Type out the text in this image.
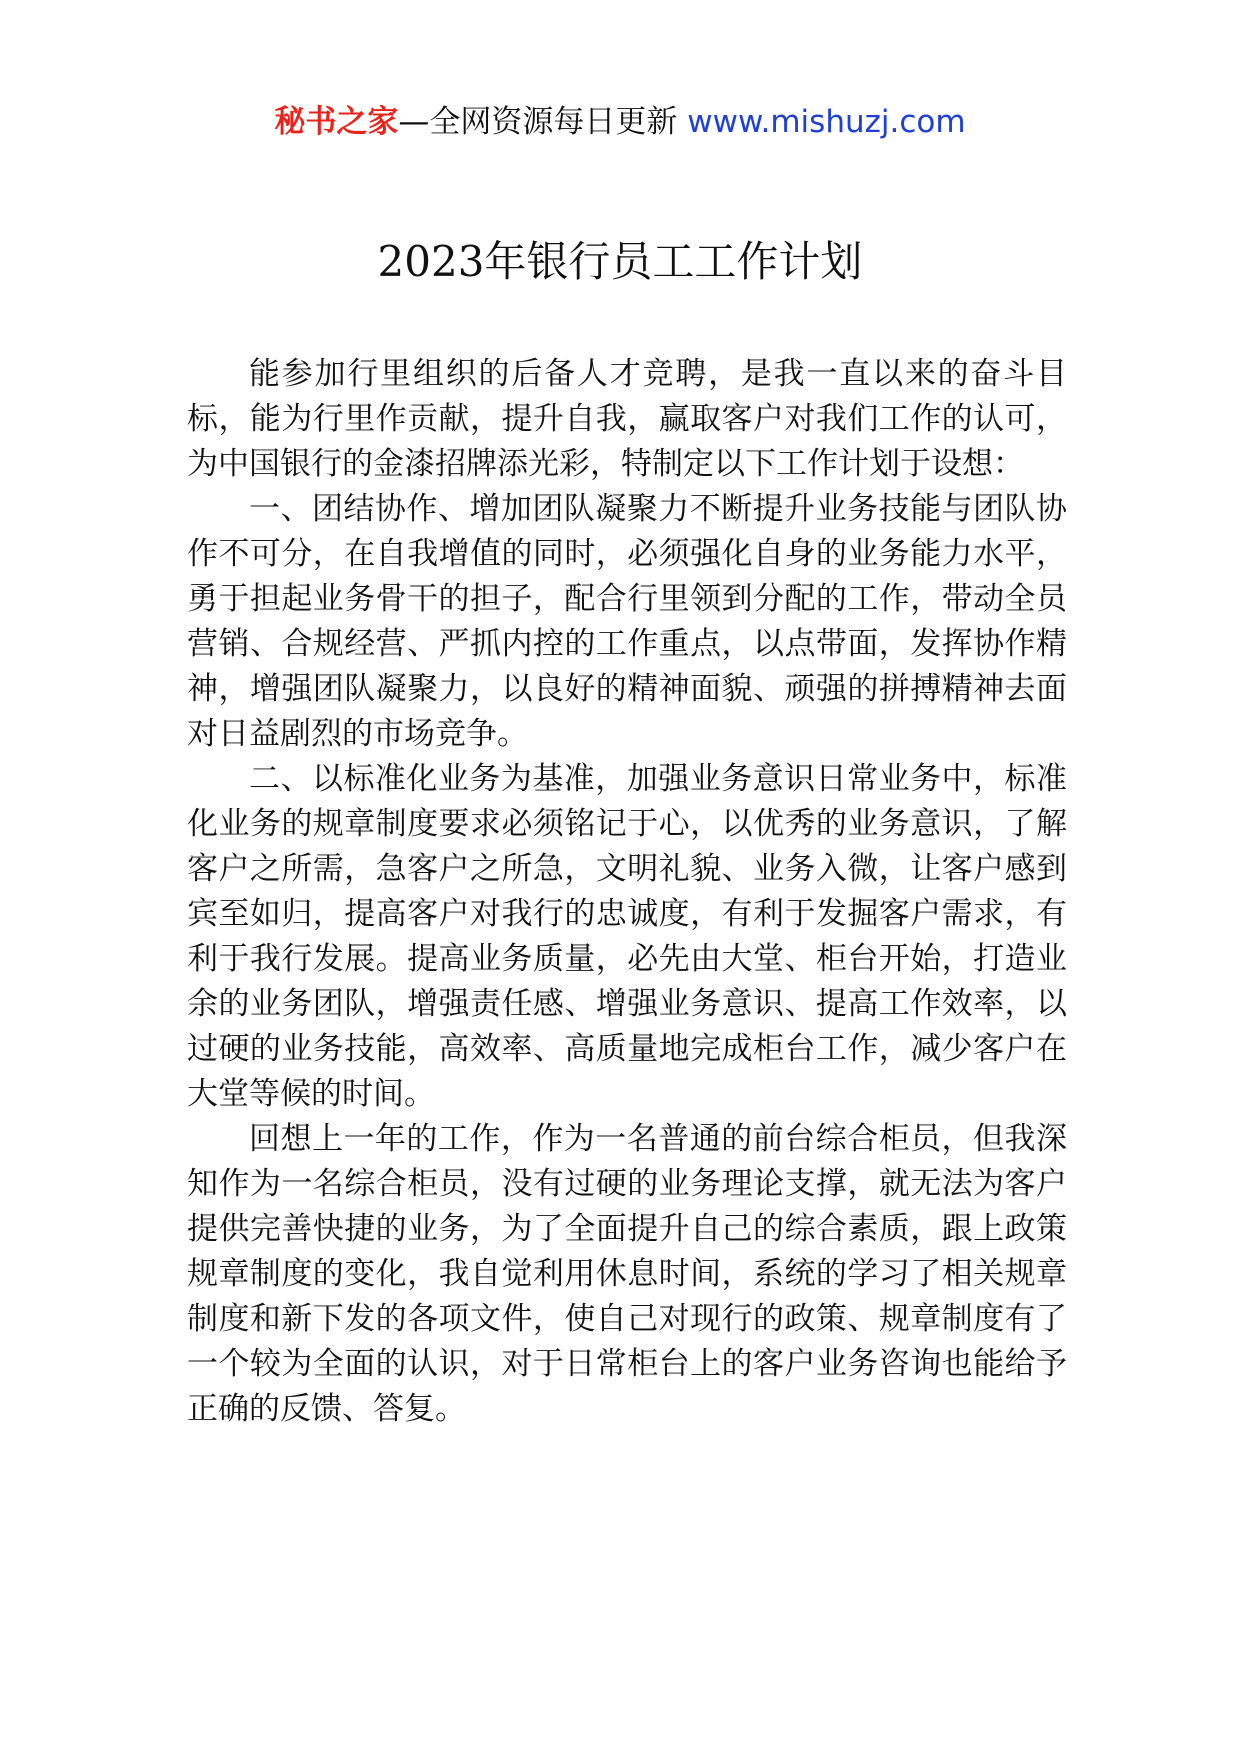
秘书之家—全网资源每日更新 www.mishuzj.com
2023年银行员工工作计划

能参加行里组织的后备人才竞聘，是我一直以来的奋斗目标，能为行里作贡献，提升自我，赢取客户对我们工作的认可，为中国银行的金漆招牌添光彩，特制定以下工作计划于设想：

一、团结协作、增加团队凝聚力不断提升业务技能与团队协作不可分，在自我增值的同时，必须强化自身的业务能力水平，勇于担起业务骨干的担子，配合行里领到分配的工作，带动全员营销、合规经营、严抓内控的工作重点，以点带面，发挥协作精神，增强团队凝聚力，以良好的精神面貌、顽强的拼搏精神去面对日益剧烈的市场竞争。

二、以标准化业务为基准，加强业务意识日常业务中，标准化业务的规章制度要求必须铭记于心，以优秀的业务意识，了解客户之所需，急客户之所急，文明礼貌、业务入微，让客户感到宾至如归，提高客户对我行的忠诚度，有利于发掘客户需求，有利于我行发展。提高业务质量，必先由大堂、柜台开始，打造业余的业务团队，增强责任感、增强业务意识、提高工作效率，以过硬的业务技能，高效率、高质量地完成柜台工作，减少客户在大堂等候的时间。

回想上一年的工作，作为一名普通的前台综合柜员，但我深知作为一名综合柜员，没有过硬的业务理论支撑，就无法为客户提供完善快捷的业务，为了全面提升自己的综合素质，跟上政策规章制度的变化，我自觉利用休息时间，系统的学习了相关规章制度和新下发的各项文件，使自己对现行的政策、规章制度有了一个较为全面的认识，对于日常柜台上的客户业务咨询也能给予正确的反馈、答复。
